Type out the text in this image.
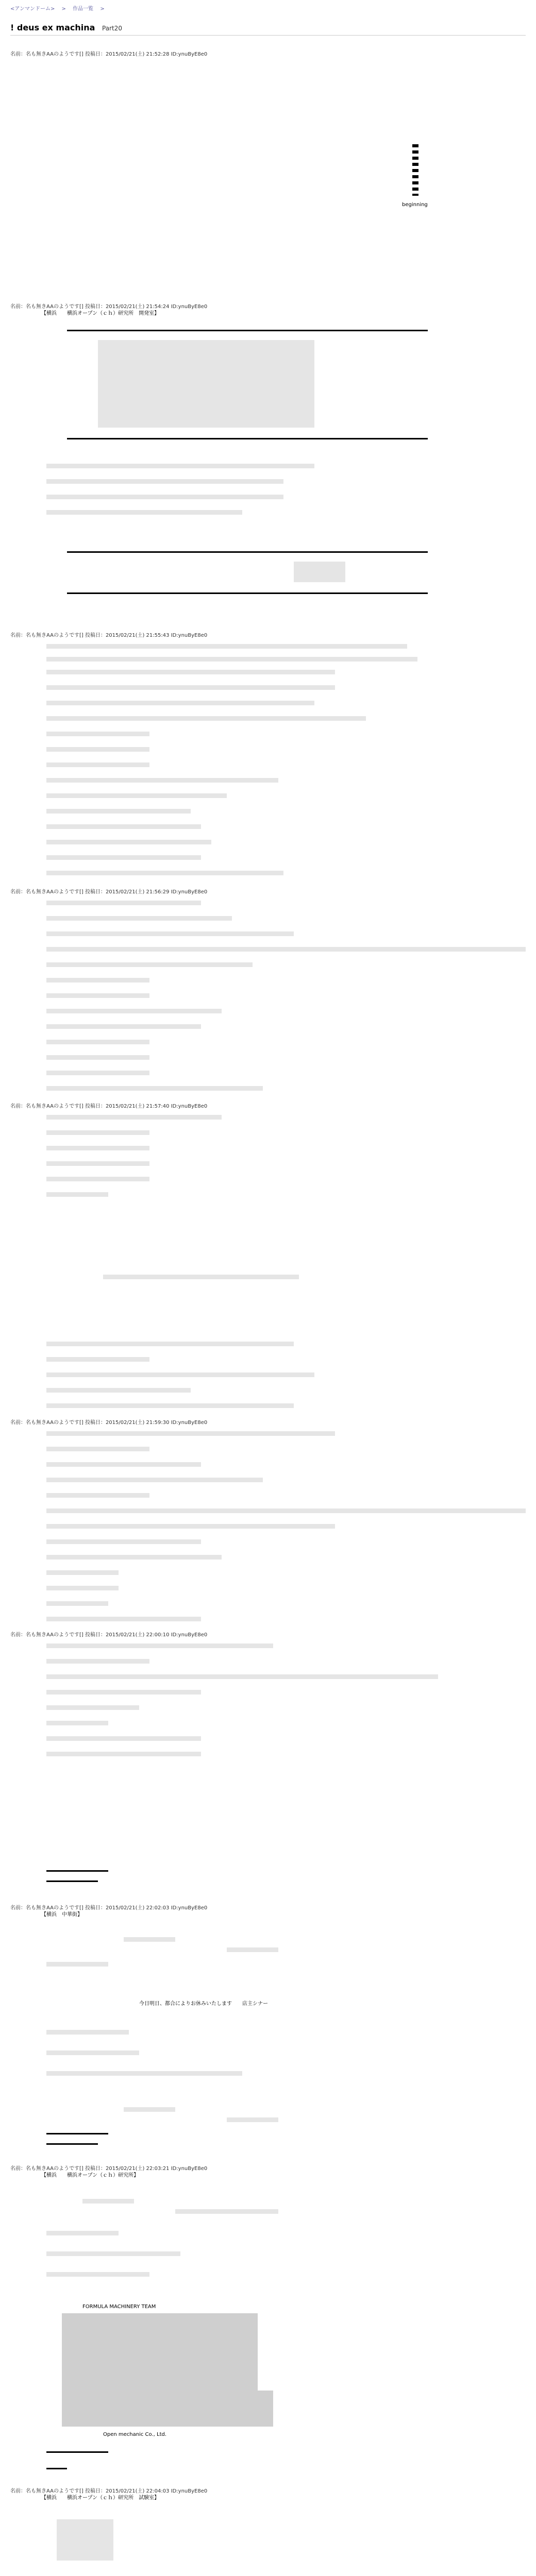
<アンマンドーム> > 作品一覧 >
! deus ex machina Part20
名前：名も無きAAのようです[] 投稿日：2015/02/21(土) 21:52:28 ID:ynuByE8e0
beginning
名前：名も無きAAのようです[] 投稿日：2015/02/21(土) 21:54:24 ID:ynuByE8e0
【横浜　　横浜オープン（ｃｈ）研究所　開発室】
名前：名も無きAAのようです[] 投稿日：2015/02/21(土) 21:55:43 ID:ynuByE8e0
名前：名も無きAAのようです[] 投稿日：2015/02/21(土) 21:56:29 ID:ynuByE8e0
名前：名も無きAAのようです[] 投稿日：2015/02/21(土) 21:57:40 ID:ynuByE8e0
名前：名も無きAAのようです[] 投稿日：2015/02/21(土) 21:59:30 ID:ynuByE8e0
名前：名も無きAAのようです[] 投稿日：2015/02/21(土) 22:00:10 ID:ynuByE8e0
名前：名も無きAAのようです[] 投稿日：2015/02/21(土) 22:02:03 ID:ynuByE8e0
【横浜　中華街】
今日明日、都合によりお休みいたします　　店主シナー
名前：名も無きAAのようです[] 投稿日：2015/02/21(土) 22:03:21 ID:ynuByE8e0
【横浜　　横浜オープン（ｃｈ）研究所】
FORMULA MACHINERY TEAM
Open mechanic Co., Ltd.
名前：名も無きAAのようです[] 投稿日：2015/02/21(土) 22:04:03 ID:ynuByE8e0
【横浜　　横浜オープン（ｃｈ）研究所　試験室】
